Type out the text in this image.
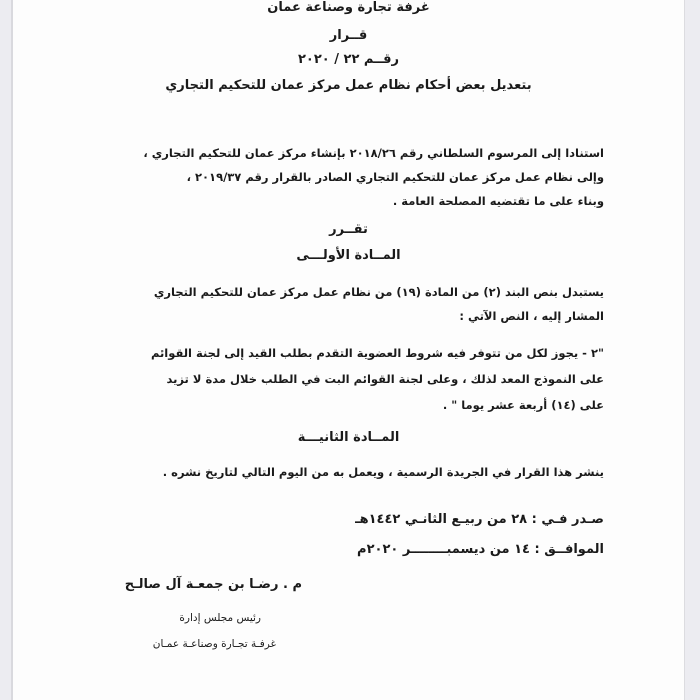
غرفة تجارة وصناعة عمان
قــرار
رقــم ٢٢ / ٢٠٢٠
بتعديل بعض أحكام نظام عمل مركز عمان للتحكيم التجاري
استنادا إلى المرسوم السلطاني رقم ٢٠١٨/٢٦ بإنشاء مركز عمان للتحكيم التجاري ،
وإلى نظام عمل مركز عمان للتحكيم التجاري الصادر بالقرار رقم ٢٠١٩/٣٧ ،
وبناء على ما تقتضيه المصلحة العامة .
تقــرر
المــادة الأولـــى
يستبدل بنص البند (٢) من المادة (١٩) من نظام عمل مركز عمان للتحكيم التجاري
المشار إليه ، النص الآتي :
"٢ - يجوز لكل من تتوفر فيه شروط العضوية التقدم بطلب القيد إلى لجنة القوائم
على النموذج المعد لذلك ، وعلى لجنة القوائم البت في الطلب خلال مدة لا تزيد
على (١٤) أربعة عشر يوما " .
المــادة الثانيـــة
ينشر هذا القرار في الجريدة الرسمية ، ويعمل به من اليوم التالي لتاريخ نشره .
صـدر فـي : ٢٨ من ربيـع الثانـي ١٤٤٢هـ
الموافــق : ١٤ من ديسمبــــــــر ٢٠٢٠م
م . رضـا بن جمعـة آل صالـح
رئيس مجلس إدارة
غرفـة تجـارة وصناعـة عمـان
